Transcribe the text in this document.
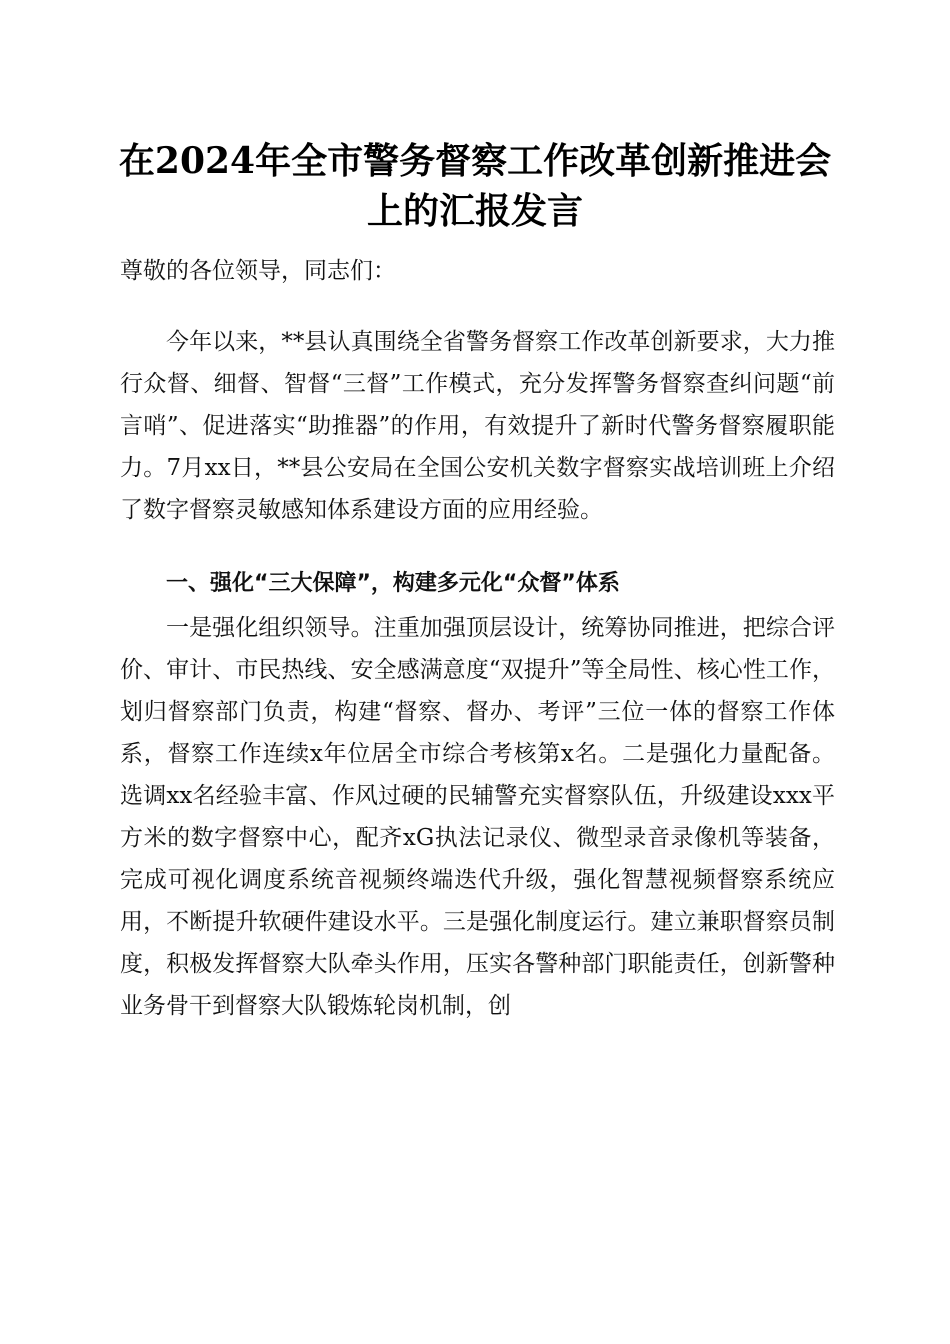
在2024年全市警务督察工作改革创新推进会
上的汇报发言
尊敬的各位领导，同志们：

今年以来，**县认真围绕全省警务督察工作改革创新要求，大力推行众督、细督、智督“三督”工作模式，充分发挥警务督察查纠问题“前言哨”、促进落实“助推器”的作用，有效提升了新时代警务督察履职能力。7月xx日，**县公安局在全国公安机关数字督察实战培训班上介绍了数字督察灵敏感知体系建设方面的应用经验。

一、强化“三大保障”，构建多元化“众督”体系

一是强化组织领导。注重加强顶层设计，统筹协同推进，把综合评价、审计、市民热线、安全感满意度“双提升”等全局性、核心性工作，划归督察部门负责，构建“督察、督办、考评”三位一体的督察工作体系，督察工作连续x年位居全市综合考核第x名。二是强化力量配备。选调xx名经验丰富、作风过硬的民辅警充实督察队伍，升级建设xxx平方米的数字督察中心，配齐xG执法记录仪、微型录音录像机等装备，完成可视化调度系统音视频终端迭代升级，强化智慧视频督察系统应用，不断提升软硬件建设水平。三是强化制度运行。建立兼职督察员制度，积极发挥督察大队牵头作用，压实各警种部门职能责任，创新警种业务骨干到督察大队锻炼轮岗机制，创
